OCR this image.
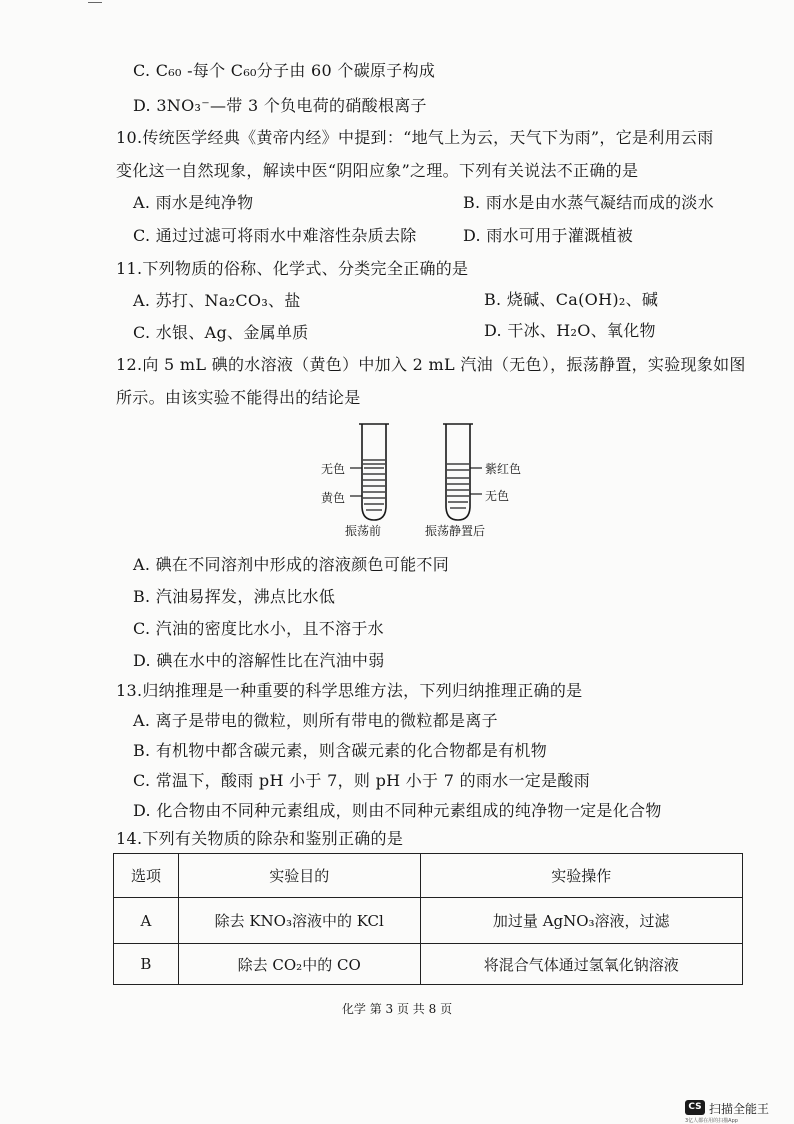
C. C₆₀ -每个 C₆₀分子由 60 个碳原子构成
D. 3NO₃⁻—带 3 个负电荷的硝酸根离子
10.传统医学经典《黄帝内经》中提到：“地气上为云，天气下为雨”，它是利用云雨
变化这一自然现象，解读中医“阴阳应象”之理。下列有关说法不正确的是
A. 雨水是纯净物	B. 雨水是由水蒸气凝结而成的淡水
C. 通过过滤可将雨水中难溶性杂质去除	D. 雨水可用于灌溉植被
11.下列物质的俗称、化学式、分类完全正确的是
A. 苏打、Na₂CO₃、盐	B. 烧碱、Ca(OH)₂、碱
C. 水银、Ag、金属单质	D. 干冰、H₂O、氧化物
12.向 5 mL 碘的水溶液（黄色）中加入 2 mL 汽油（无色），振荡静置，实验现象如图
所示。由该实验不能得出的结论是
无色
黄色
振荡前
紫红色
无色
振荡静置后
A. 碘在不同溶剂中形成的溶液颜色可能不同
B. 汽油易挥发，沸点比水低
C. 汽油的密度比水小，且不溶于水
D. 碘在水中的溶解性比在汽油中弱
13.归纳推理是一种重要的科学思维方法，下列归纳推理正确的是
A. 离子是带电的微粒，则所有带电的微粒都是离子
B. 有机物中都含碳元素，则含碳元素的化合物都是有机物
C. 常温下，酸雨 pH 小于 7，则 pH 小于 7 的雨水一定是酸雨
D. 化合物由不同种元素组成，则由不同种元素组成的纯净物一定是化合物
14.下列有关物质的除杂和鉴别正确的是
选项	实验目的	实验操作
A	除去 KNO₃溶液中的 KCl	加过量 AgNO₃溶液，过滤
B	除去 CO₂中的 CO	将混合气体通过氢氧化钠溶液
化学 第 3 页 共 8 页
CS 扫描全能王
3亿人都在用的扫描App
